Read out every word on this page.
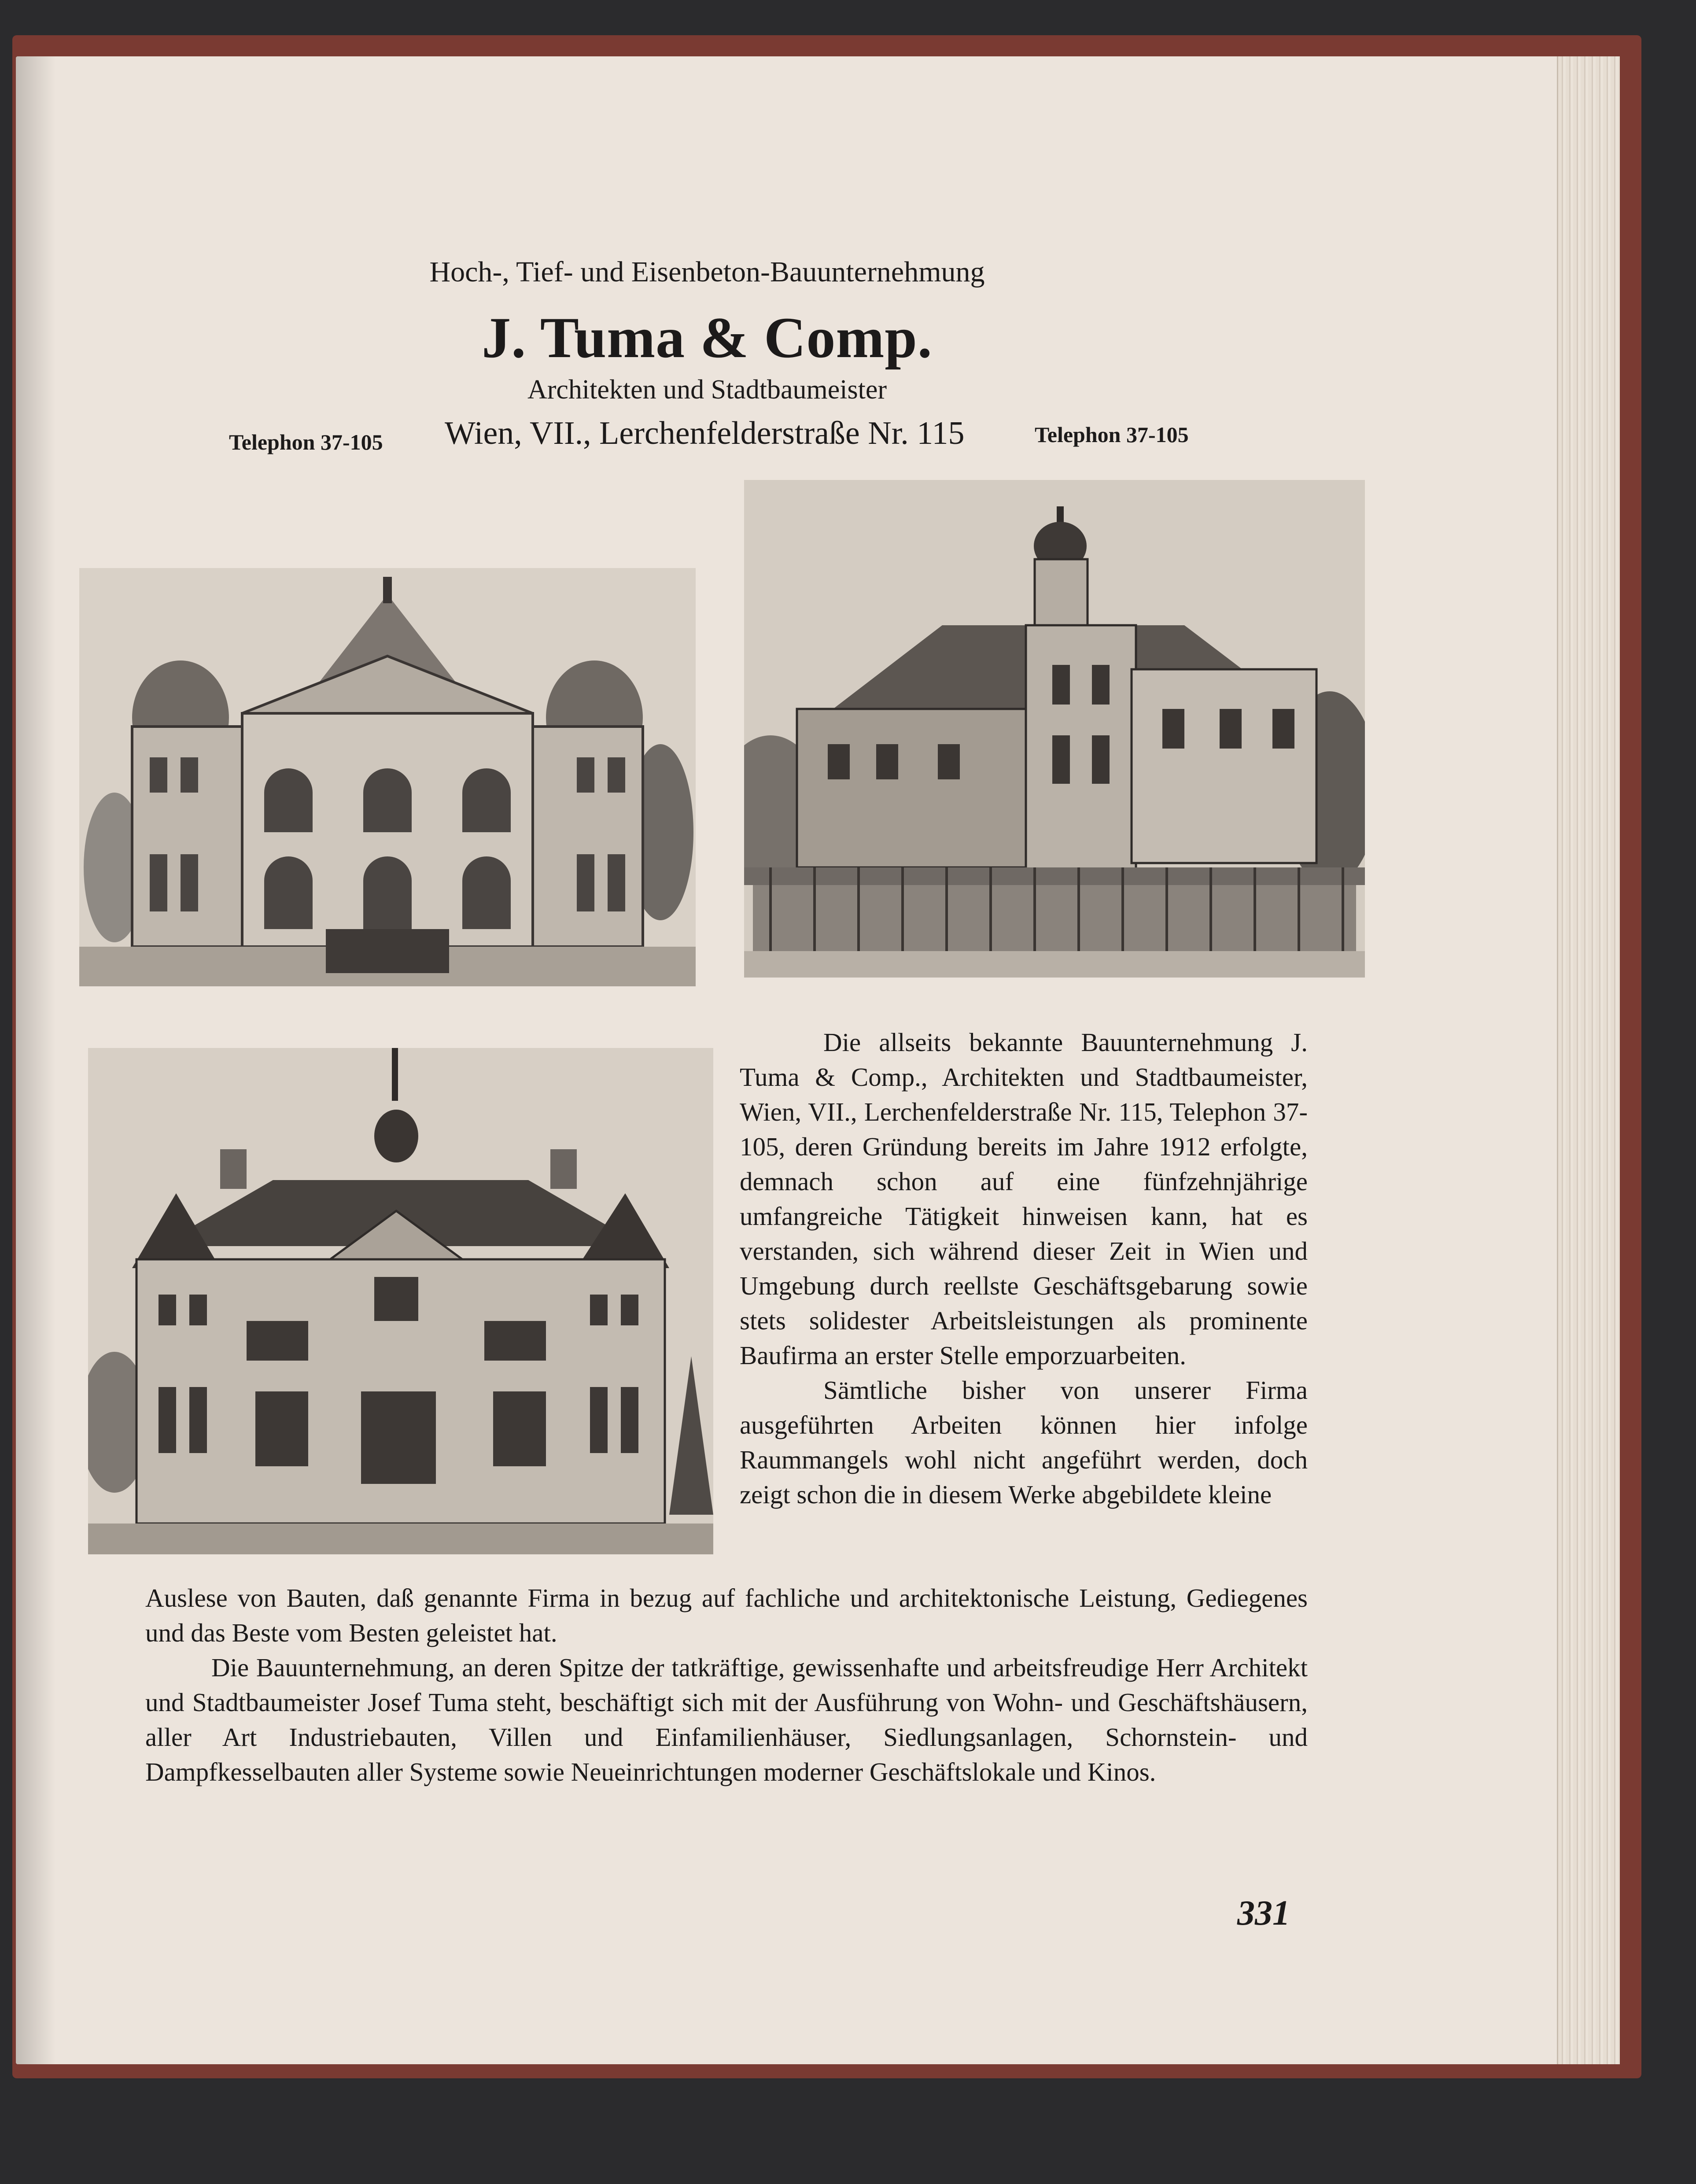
Hoch-, Tief- und Eisenbeton-Bauunternehmung
J. Tuma & Comp.
Architekten und Stadtbaumeister
Telephon 37-105 Wien, VII., Lerchenfelderstraße Nr. 115	Telephon 37-105

Die allseits bekannte Bauunternehmung J. Tuma & Comp., Architekten und Stadtbaumeister, Wien, VII., Lerchenfelderstraße Nr. 115, Telephon 37-105, deren Gründung bereits im Jahre 1912 erfolgte, demnach schon auf eine fünfzehnjährige umfangreiche Tätigkeit hinweisen kann, hat es verstanden, sich während dieser Zeit in Wien und Umgebung durch reellste Geschäftsgebarung sowie stets solidester Arbeitsleistungen als prominente Baufirma an erster Stelle emporzuarbeiten.

Sämtliche bisher von unserer Firma ausgeführten Arbeiten können hier infolge Raummangels wohl nicht angeführt werden, doch zeigt schon die in diesem Werke abgebildete kleine

Auslese von Bauten, daß genannte Firma in bezug auf fachliche und architektonische Leistung, Gediegenes und das Beste vom Besten geleistet hat.

Die Bauunternehmung, an deren Spitze der tatkräftige, gewissenhafte und arbeitsfreudige Herr Architekt und Stadtbaumeister Josef Tuma steht, beschäftigt sich mit der Ausführung von Wohn- und Geschäftshäusern, aller Art Industriebauten, Villen und Einfamilienhäuser, Siedlungsanlagen, Schornstein- und Dampfkesselbauten aller Systeme sowie Neueinrichtungen moderner Geschäftslokale und Kinos.

331
